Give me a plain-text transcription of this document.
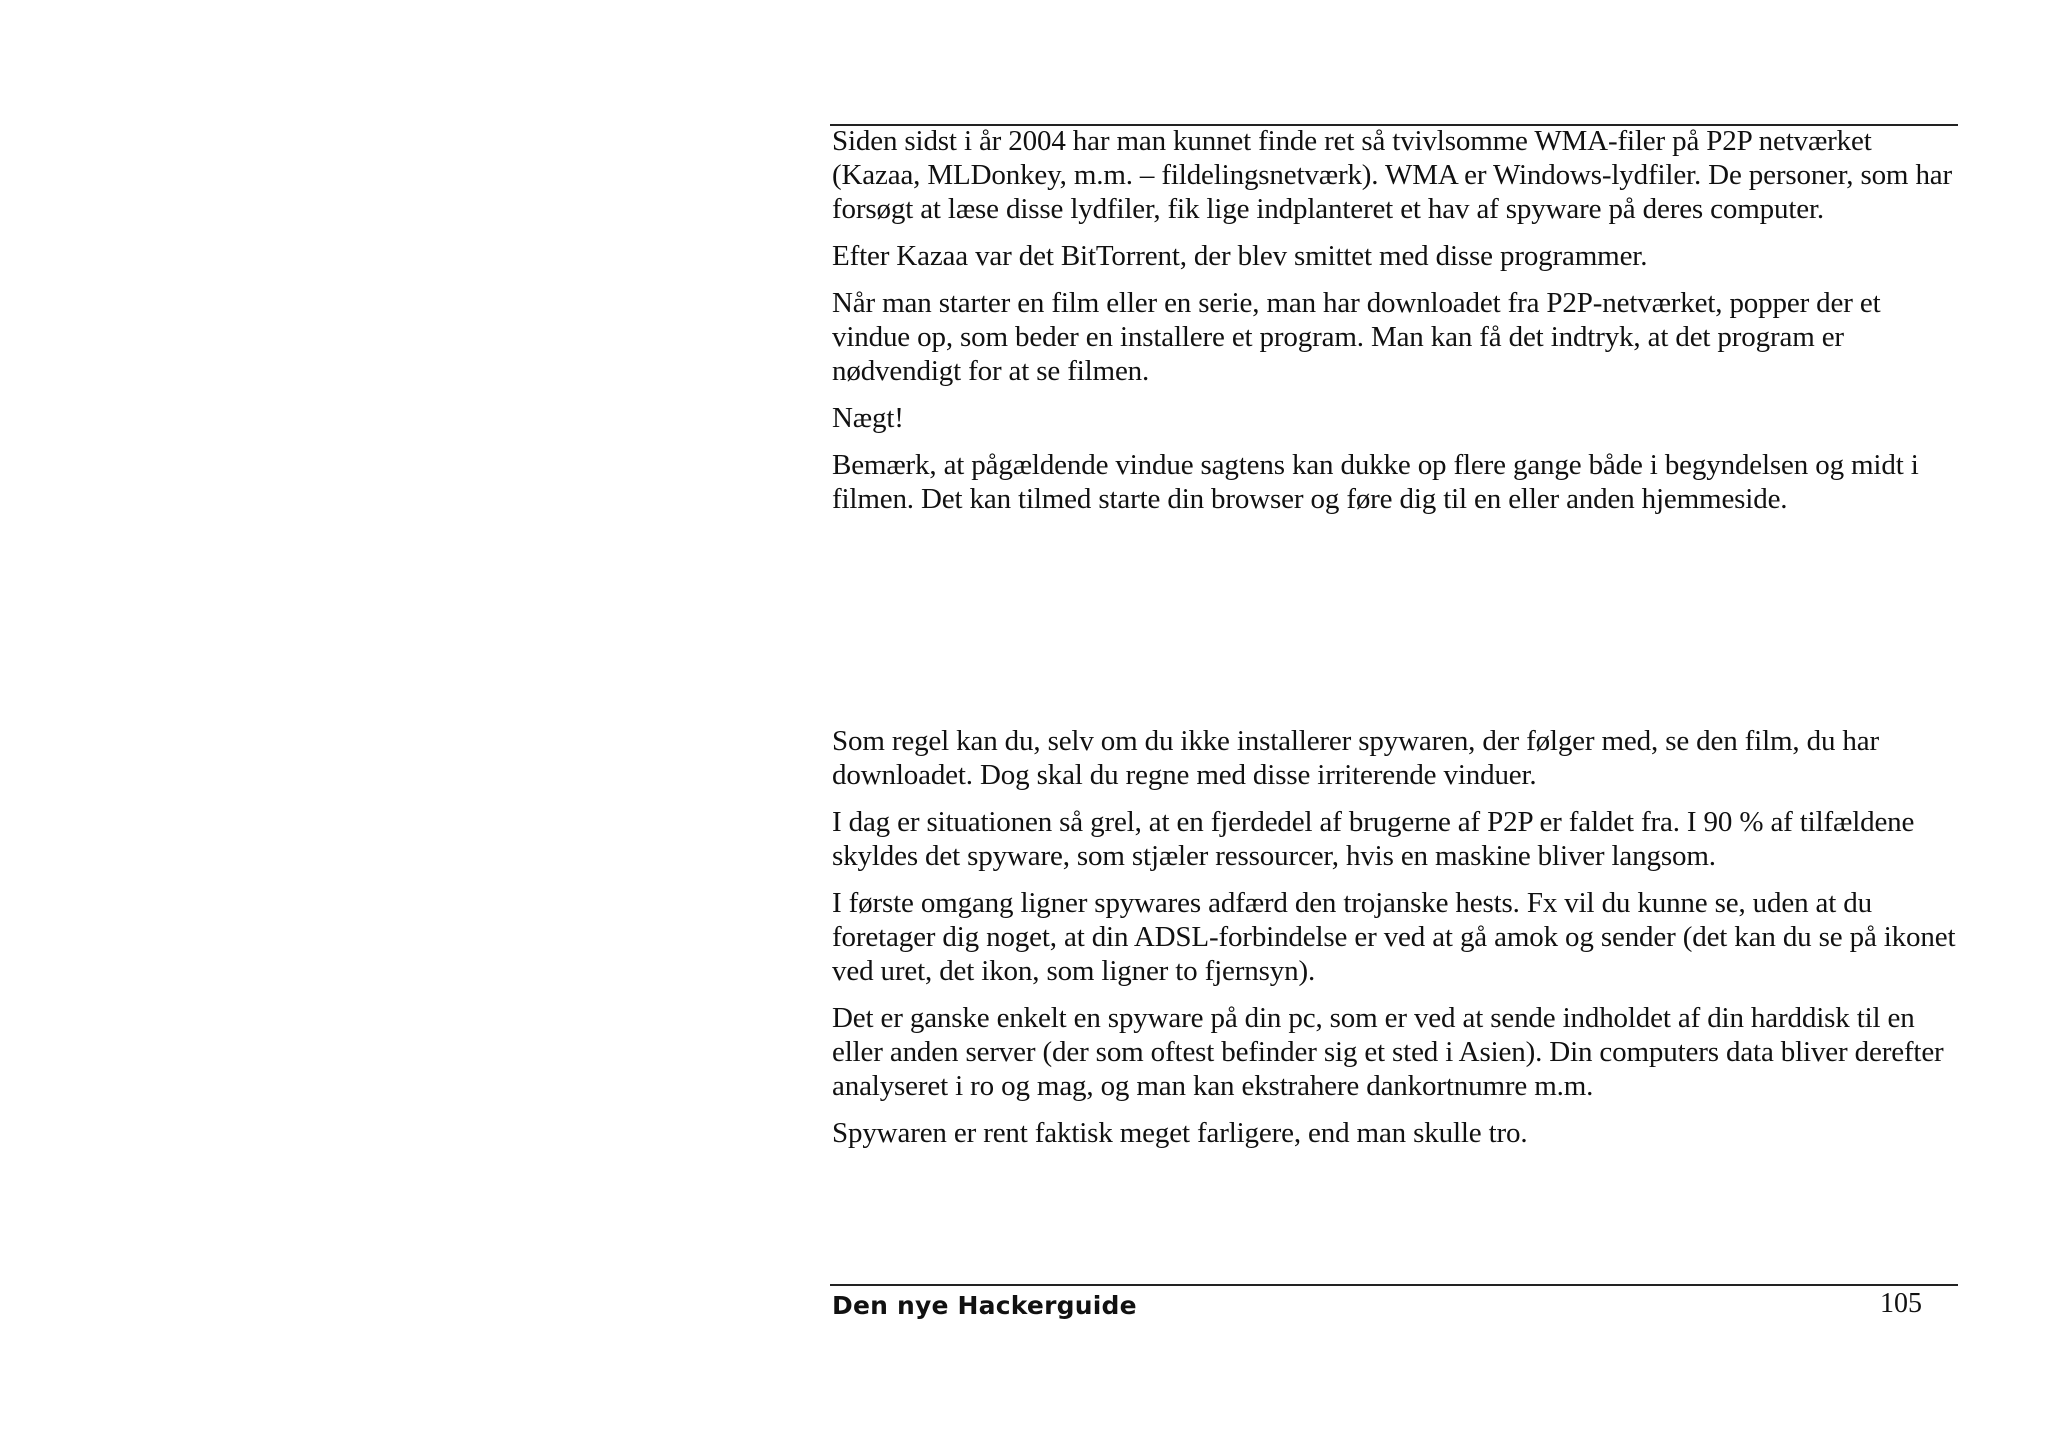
Siden sidst i år 2004 har man kunnet finde ret så tvivlsomme WMA-filer på P2P netværket (Kazaa, MLDonkey, m.m. – fildelingsnetværk). WMA er Windows-lydfiler. De personer, som har forsøgt at læse disse lydfiler, fik lige indplanteret et hav af spyware på deres computer.

Efter Kazaa var det BitTorrent, der blev smittet med disse programmer.

Når man starter en film eller en serie, man har downloadet fra P2P-netværket, popper der et vindue op, som beder en installere et program. Man kan få det indtryk, at det program er nødvendigt for at se filmen.

Nægt!

Bemærk, at pågældende vindue sagtens kan dukke op flere gange både i begyndelsen og midt i filmen. Det kan tilmed starte din browser og føre dig til en eller anden hjemmeside.

Som regel kan du, selv om du ikke installerer spywaren, der følger med, se den film, du har downloadet. Dog skal du regne med disse irriterende vinduer.

I dag er situationen så grel, at en fjerdedel af brugerne af P2P er faldet fra. I 90 % af tilfældene skyldes det spyware, som stjæler ressourcer, hvis en maskine bliver langsom.

I første omgang ligner spywares adfærd den trojanske hests. Fx vil du kunne se, uden at du foretager dig noget, at din ADSL-forbindelse er ved at gå amok og sender (det kan du se på ikonet ved uret, det ikon, som ligner to fjernsyn).

Det er ganske enkelt en spyware på din pc, som er ved at sende indholdet af din harddisk til en eller anden server (der som oftest befinder sig et sted i Asien). Din computers data bliver derefter analyseret i ro og mag, og man kan ekstrahere dankortnumre m.m.

Spywaren er rent faktisk meget farligere, end man skulle tro.

Den nye Hackerguide	105
